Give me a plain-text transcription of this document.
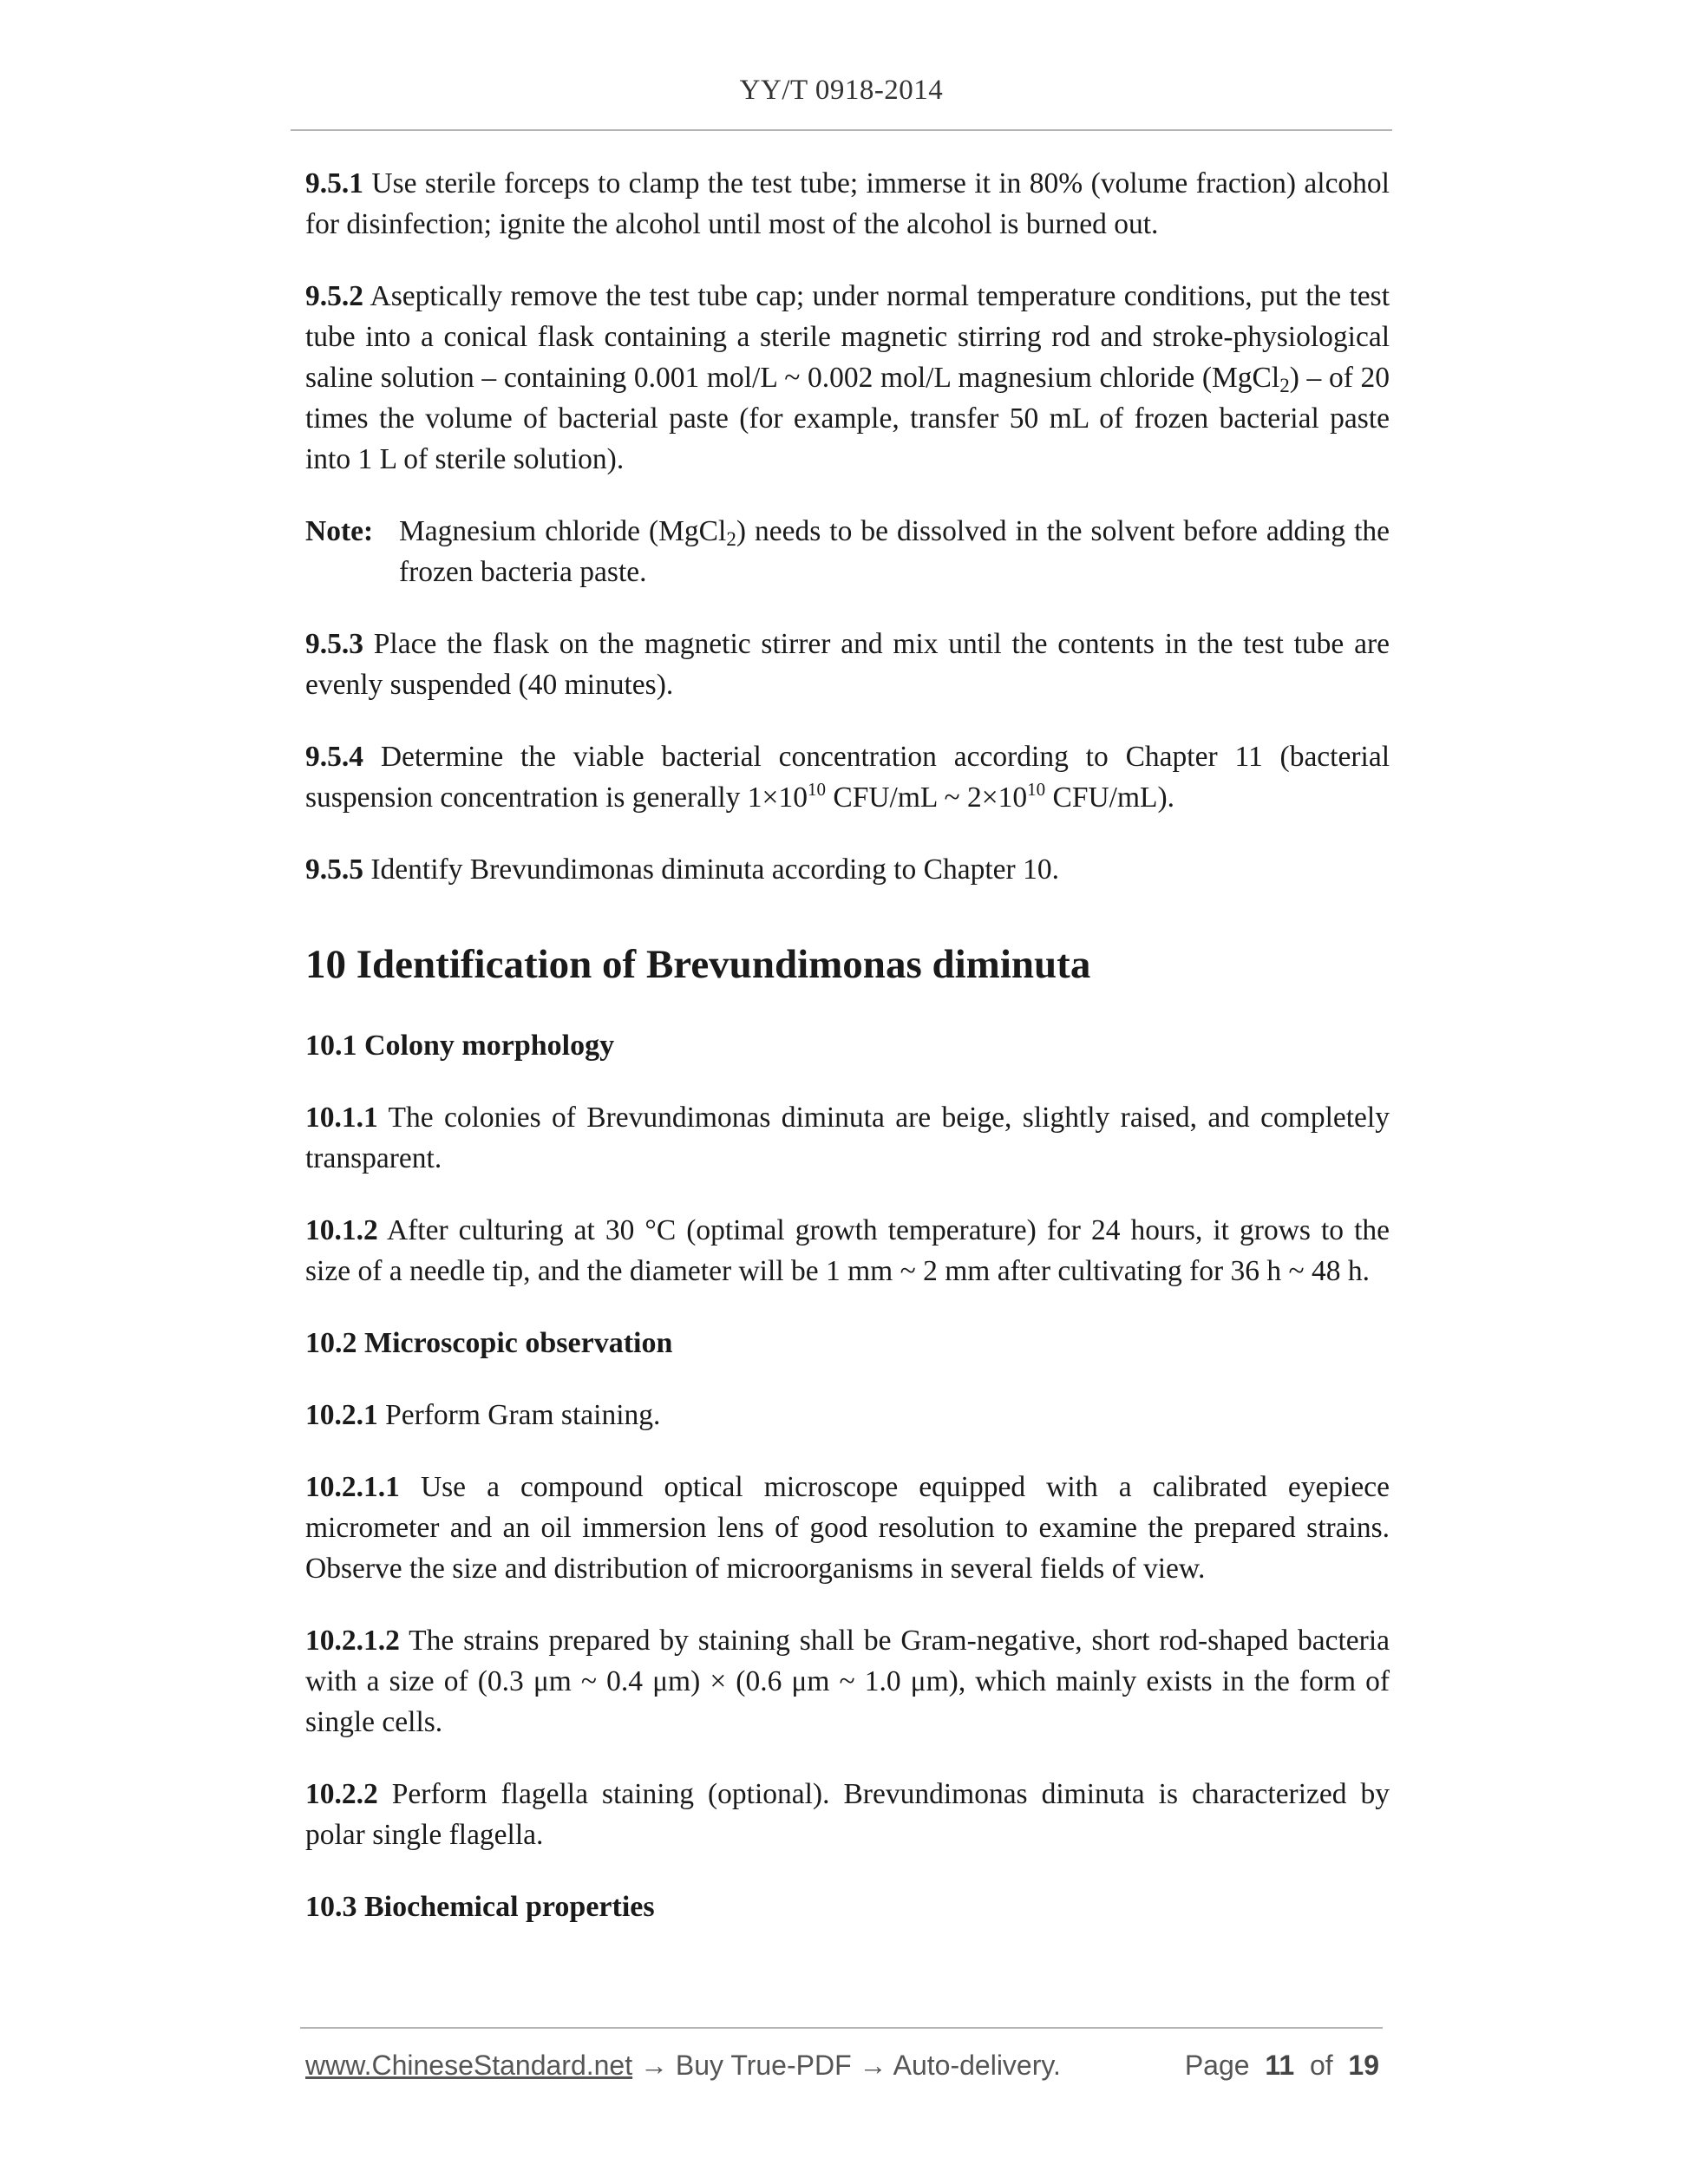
YY/T 0918-2014

9.5.1 Use sterile forceps to clamp the test tube; immerse it in 80% (volume fraction) alcohol for disinfection; ignite the alcohol until most of the alcohol is burned out.

9.5.2 Aseptically remove the test tube cap; under normal temperature conditions, put the test tube into a conical flask containing a sterile magnetic stirring rod and stroke-physiological saline solution – containing 0.001 mol/L ~ 0.002 mol/L magnesium chloride (MgCl$_2$) – of 20 times the volume of bacterial paste (for example, transfer 50 mL of frozen bacterial paste into 1 L of sterile solution).

Note: Magnesium chloride (MgCl$_2$) needs to be dissolved in the solvent before adding the frozen bacteria paste.

9.5.3 Place the flask on the magnetic stirrer and mix until the contents in the test tube are evenly suspended (40 minutes).

9.5.4 Determine the viable bacterial concentration according to Chapter 11 (bacterial suspension concentration is generally $1\times 10^{10}$ CFU/mL ~ $2\times 10^{10}$ CFU/mL).

9.5.5 Identify Brevundimonas diminuta according to Chapter 10.

10 Identification of Brevundimonas diminuta
10.1 Colony morphology

10.1.1 The colonies of Brevundimonas diminuta are beige, slightly raised, and completely transparent.

10.1.2 After culturing at 30 °C (optimal growth temperature) for 24 hours, it grows to the size of a needle tip, and the diameter will be 1 mm ~ 2 mm after cultivating for 36 h ~ 48 h.

10.2 Microscopic observation

10.2.1 Perform Gram staining.

10.2.1.1 Use a compound optical microscope equipped with a calibrated eyepiece micrometer and an oil immersion lens of good resolution to examine the prepared strains. Observe the size and distribution of microorganisms in several fields of view.

10.2.1.2 The strains prepared by staining shall be Gram-negative, short rod-shaped bacteria with a size of (0.3 μm ~ 0.4 μm) × (0.6 μm ~ 1.0 μm), which mainly exists in the form of single cells.

10.2.2 Perform flagella staining (optional). Brevundimonas diminuta is characterized by polar single flagella.

10.3 Biochemical properties
www.ChineseStandard.net → Buy True-PDF → Auto-delivery.	Page 11 of 19
